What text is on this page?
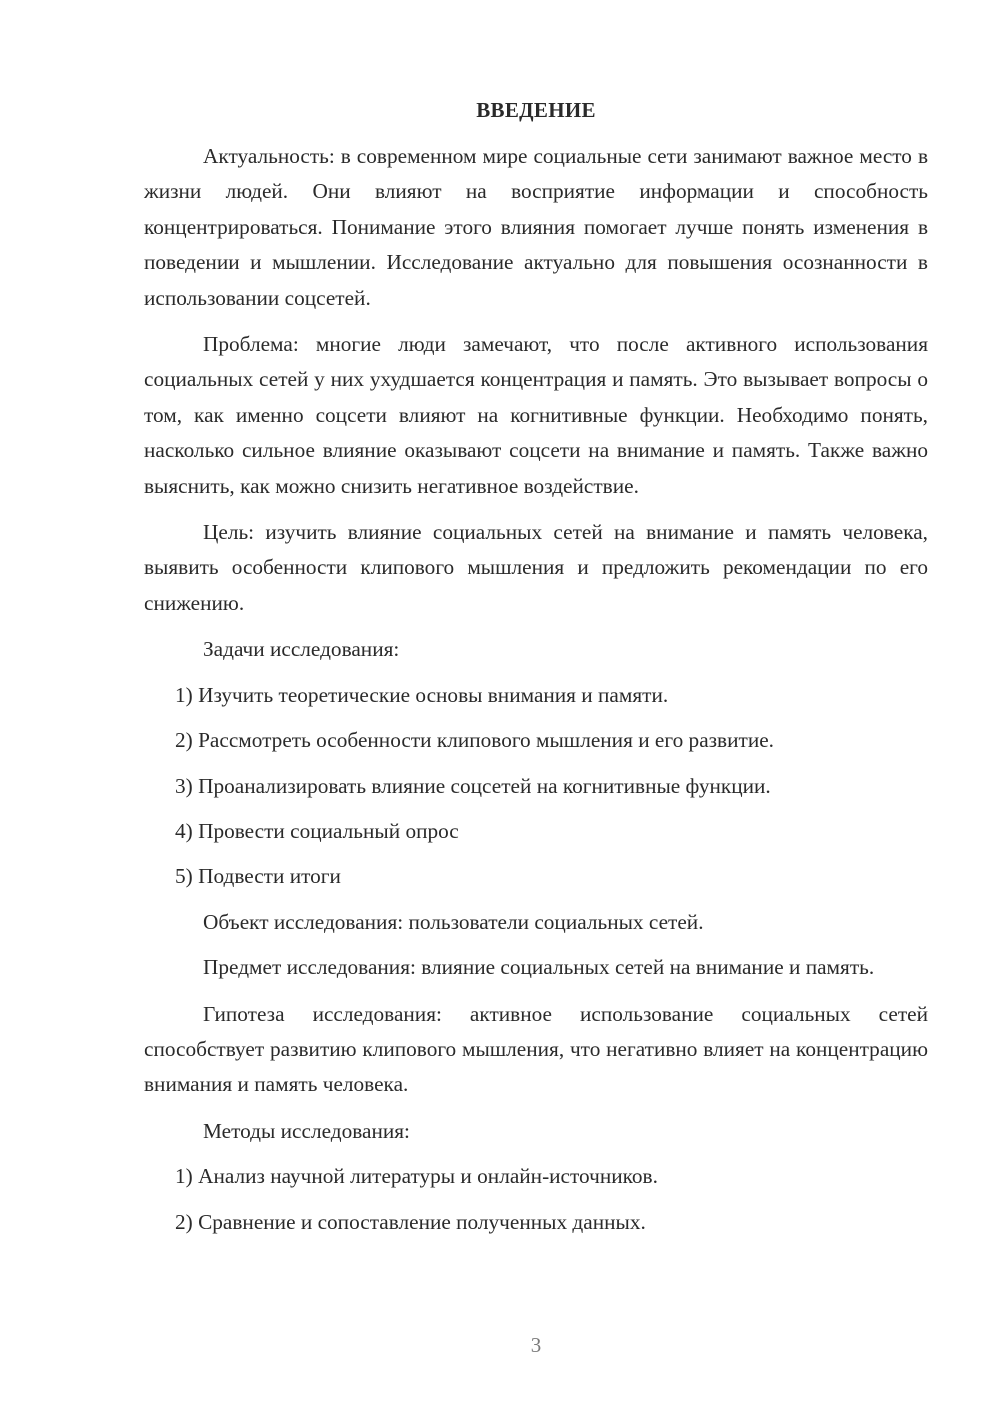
ВВЕДЕНИЕ

Актуальность: в современном мире социальные сети занимают важное место в жизни людей. Они влияют на восприятие информации и способность концентрироваться. Понимание этого влияния помогает лучше понять изменения в поведении и мышлении. Исследование актуально для повышения осознанности в использовании соцсетей.

Проблема: многие люди замечают, что после активного использования социальных сетей у них ухудшается концентрация и память. Это вызывает вопросы о том, как именно соцсети влияют на когнитивные функции. Необходимо понять, насколько сильное влияние оказывают соцсети на внимание и память. Также важно выяснить, как можно снизить негативное воздействие.

Цель: изучить влияние социальных сетей на внимание и память человека, выявить особенности клипового мышления и предложить рекомендации по его снижению.

Задачи исследования:

1) Изучить теоретические основы внимания и памяти.
2) Рассмотреть особенности клипового мышления и его развитие.
3) Проанализировать влияние соцсетей на когнитивные функции.
4) Провести социальный опрос
5) Подвести итоги

Объект исследования: пользователи социальных сетей.

Предмет исследования: влияние социальных сетей на внимание и память.

Гипотеза исследования: активное использование социальных сетей способствует развитию клипового мышления, что негативно влияет на концентрацию внимания и память человека.

Методы исследования:

1) Анализ научной литературы и онлайн-источников.
2) Сравнение и сопоставление полученных данных.
3
